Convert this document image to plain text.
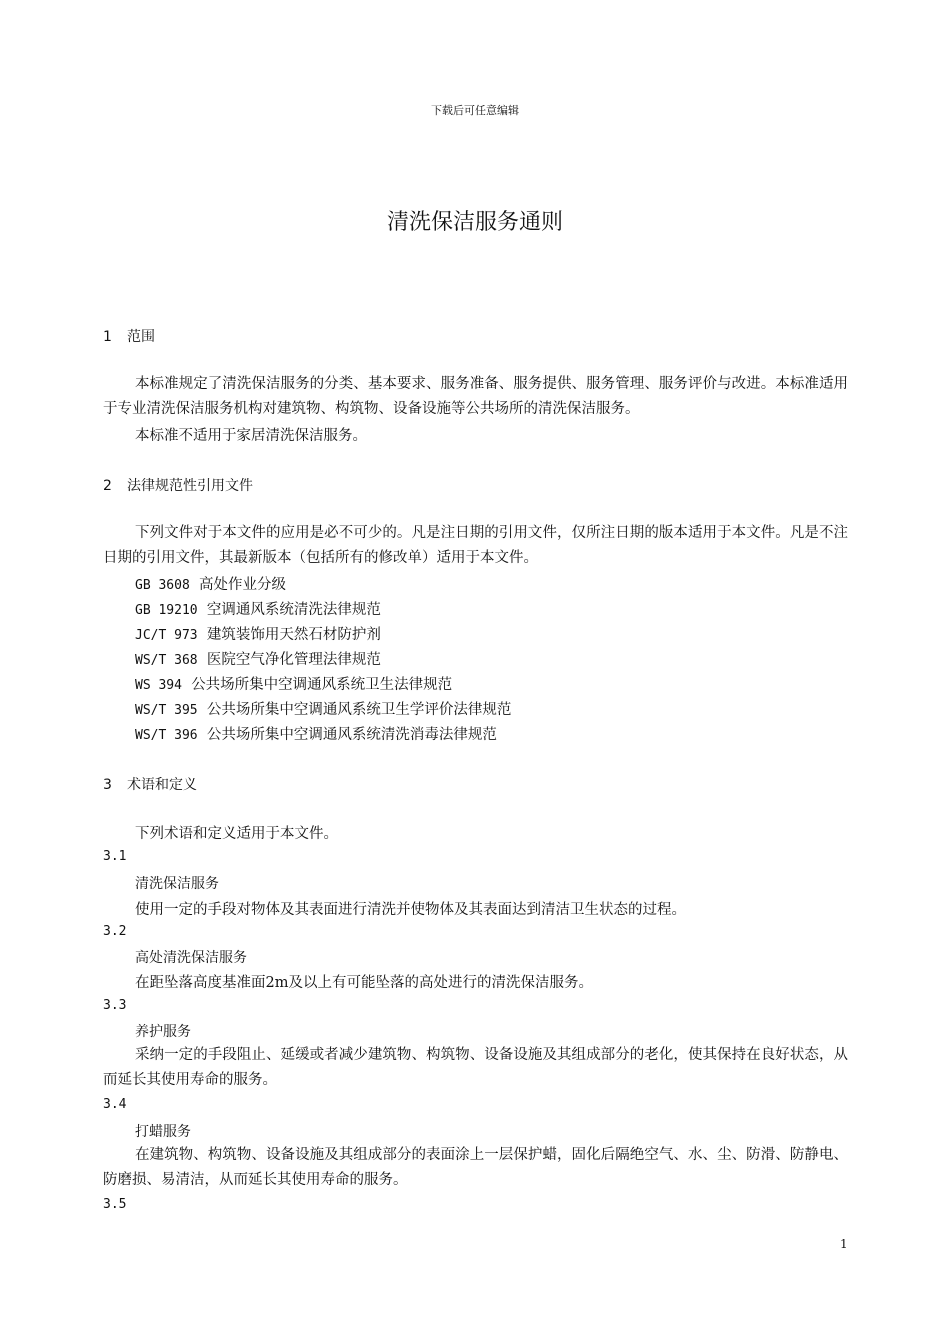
下载后可任意编辑
清洗保洁服务通则
1 范围
本标准规定了清洗保洁服务的分类、基本要求、服务准备、服务提供、服务管理、服务评价与改进。本标准适用于专业清洗保洁服务机构对建筑物、构筑物、设备设施等公共场所的清洗保洁服务。
本标准不适用于家居清洗保洁服务。
2 法律规范性引用文件
下列文件对于本文件的应用是必不可少的。凡是注日期的引用文件，仅所注日期的版本适用于本文件。凡是不注日期的引用文件，其最新版本（包括所有的修改单）适用于本文件。
GB 3608 高处作业分级
GB 19210 空调通风系统清洗法律规范
JC/T 973 建筑装饰用天然石材防护剂
WS/T 368 医院空气净化管理法律规范
WS 394 公共场所集中空调通风系统卫生法律规范
WS/T 395 公共场所集中空调通风系统卫生学评价法律规范
WS/T 396 公共场所集中空调通风系统清洗消毒法律规范
3 术语和定义
下列术语和定义适用于本文件。
3.1
清洗保洁服务
使用一定的手段对物体及其表面进行清洗并使物体及其表面达到清洁卫生状态的过程。
3.2
高处清洗保洁服务
在距坠落高度基准面2m及以上有可能坠落的高处进行的清洗保洁服务。
3.3
养护服务
采纳一定的手段阻止、延缓或者减少建筑物、构筑物、设备设施及其组成部分的老化，使其保持在良好状态，从而延长其使用寿命的服务。
3.4
打蜡服务
在建筑物、构筑物、设备设施及其组成部分的表面涂上一层保护蜡，固化后隔绝空气、水、尘、防滑、防静电、防磨损、易清洁，从而延长其使用寿命的服务。
3.5
1
